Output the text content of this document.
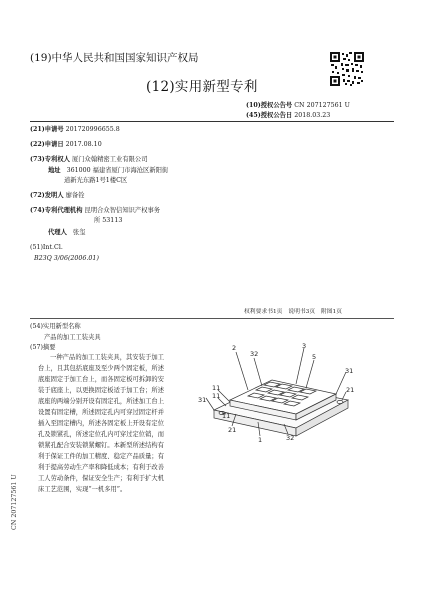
(19)中华人民共和国国家知识产权局
(12)实用新型专利
(10)授权公告号 CN 207127561 U
(45)授权公告日 2018.03.23
(21)申请号 201720996655.8
(22)申请日 2017.08.10
(73)专利权人 厦门众翰精密工业有限公司
地址 361000 福建省厦门市海沧区新阳街
道新光东路1号1楼C区
(72)发明人 廖备铨
(74)专利代理机构 昆明合众智信知识产权事务
所 53113
代理人 张玺
(51)Int.Cl.
B23Q 3/06(2006.01)
权利要求书1页　说明书3页　附图1页
(54)实用新型名称
产品的加工工装夹具
(57)摘要
一种产品的加工工装夹具，其安装于加工台上，且其包括底座及至少两个固定板，所述底座固定于加工台上，而各固定板可拆卸的安装于底座上，以更换固定板适于加工台；所述底座的两端分别开设有固定孔，所述加工台上设置有固定槽，所述固定孔内可穿过固定杆并插入至固定槽内，所述各固定板上开设有定位孔及锁紧孔，所述定位孔内可穿过定位销，而锁紧孔配合安装锁紧螺钉。本新型所述结构有利于保证工件的加工精度、稳定产品质量；有利于提高劳动生产率和降低成本；有利于改善工人劳动条件，保证安全生产；有利于扩大机床工艺范围，实现“一机多用”。
2
32
3
5
31
11
11
31
21
11
21
1	32
CN 207127561 U
